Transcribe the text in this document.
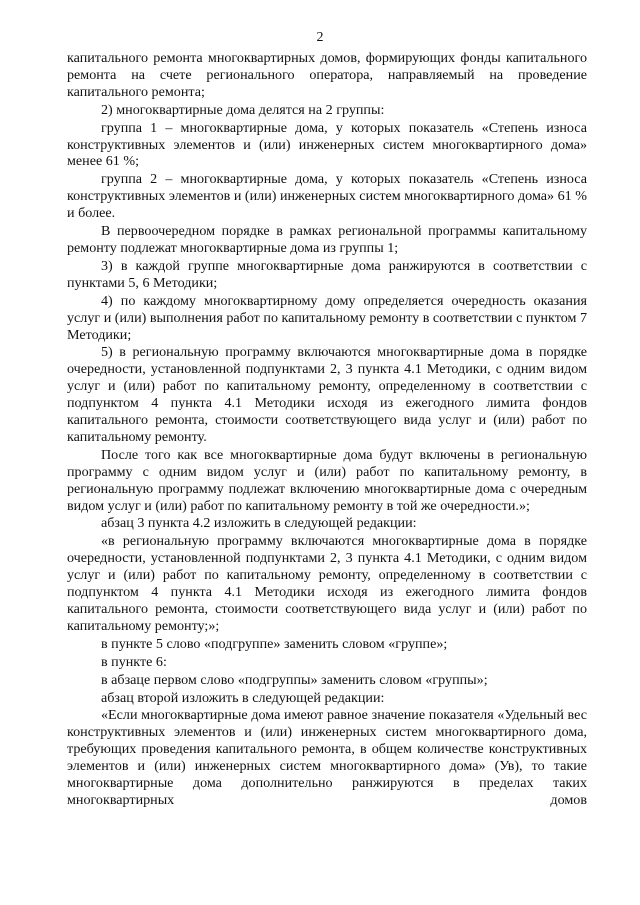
2

капитального ремонта многоквартирных домов, формирующих фонды капитального ремонта на счете регионального оператора, направляемый на проведение капитального ремонта;

2) многоквартирные дома делятся на 2 группы:

группа 1 – многоквартирные дома, у которых показатель «Степень износа конструктивных элементов и (или) инженерных систем многоквартирного дома» менее 61 %;

группа 2 – многоквартирные дома, у которых показатель «Степень износа конструктивных элементов и (или) инженерных систем многоквартирного дома» 61 % и более.

В первоочередном порядке в рамках региональной программы капитальному ремонту подлежат многоквартирные дома из группы 1;

3) в каждой группе многоквартирные дома ранжируются в соответствии с пунктами 5, 6 Методики;

4) по каждому многоквартирному дому определяется очередность оказания услуг и (или) выполнения работ по капитальному ремонту в соответствии с пунктом 7 Методики;

5) в региональную программу включаются многоквартирные дома в порядке очередности, установленной подпунктами 2, 3 пункта 4.1 Методики, с одним видом услуг и (или) работ по капитальному ремонту, определенному в соответствии с подпунктом 4 пункта 4.1 Методики исходя из ежегодного лимита фондов капитального ремонта, стоимости соответствующего вида услуг и (или) работ по капитальному ремонту.

После того как все многоквартирные дома будут включены в региональную программу с одним видом услуг и (или) работ по капитальному ремонту, в региональную программу подлежат включению многоквартирные дома с очередным видом услуг и (или) работ по капитальному ремонту в той же очередности.»;

абзац 3 пункта 4.2 изложить в следующей редакции:

«в региональную программу включаются многоквартирные дома в порядке очередности, установленной подпунктами 2, 3 пункта 4.1 Методики, с одним видом услуг и (или) работ по капитальному ремонту, определенному в соответствии с подпунктом 4 пункта 4.1 Методики исходя из ежегодного лимита фондов капитального ремонта, стоимости соответствующего вида услуг и (или) работ по капитальному ремонту;»;

в пункте 5 слово «подгруппе» заменить словом «группе»;

в пункте 6:

в абзаце первом слово «подгруппы» заменить словом «группы»;

абзац второй изложить в следующей редакции:

«Если многоквартирные дома имеют равное значение показателя «Удельный вес конструктивных элементов и (или) инженерных систем многоквартирного дома, требующих проведения капитального ремонта, в общем количестве конструктивных элементов и (или) инженерных систем многоквартирного дома» (Ув), то такие многоквартирные дома дополнительно ранжируются в пределах таких многоквартирных домов
